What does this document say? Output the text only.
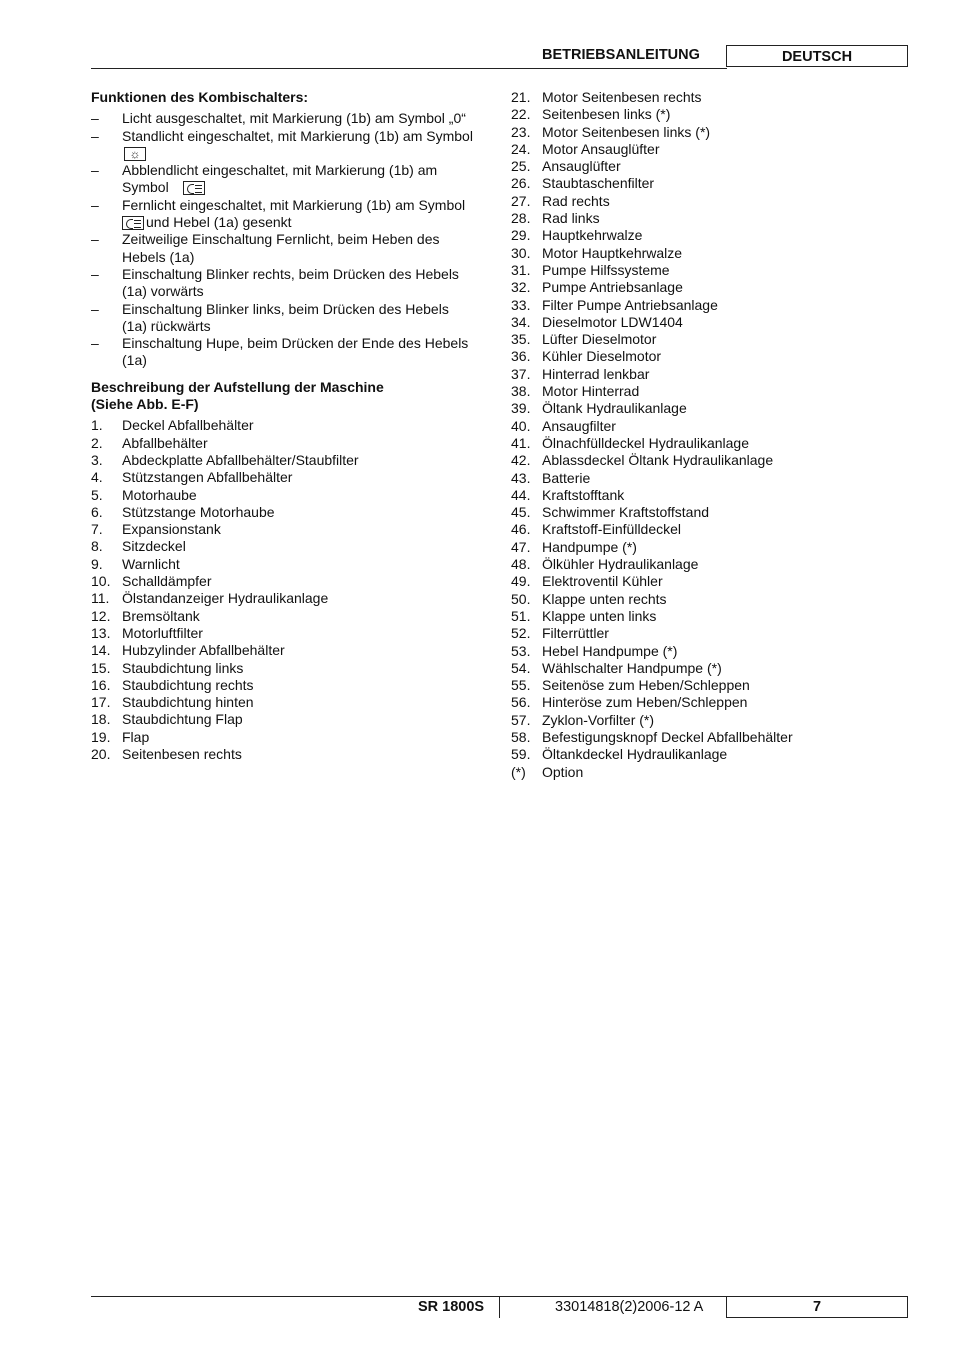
BETRIEBSANLEITUNG	DEUTSCH
Funktionen des Kombischalters:
–	Licht ausgeschaltet, mit Markierung (1b) am Symbol „0“
–	Standlicht eingeschaltet, mit Markierung (1b) am Symbol
☼
–	Abblendlicht eingeschaltet, mit Markierung (1b) am
Symbol
–	Fernlicht eingeschaltet, mit Markierung (1b) am Symbol
und Hebel (1a) gesenkt
–	Zeitweilige Einschaltung Fernlicht, beim Heben des
Hebels (1a)
–	Einschaltung Blinker rechts, beim Drücken des Hebels
(1a) vorwärts
–	Einschaltung Blinker links, beim Drücken des Hebels
(1a) rückwärts
–	Einschaltung Hupe, beim Drücken der Ende des Hebels
(1a)
Beschreibung der Aufstellung der Maschine
(Siehe Abb. E-F)
1.	Deckel Abfallbehälter
2.	Abfallbehälter
3.	Abdeckplatte Abfallbehälter/Staubfilter
4.	Stützstangen Abfallbehälter
5.	Motorhaube
6.	Stützstange Motorhaube
7.	Expansionstank
8.	Sitzdeckel
9.	Warnlicht
10. Schalldämpfer
11. Ölstandanzeiger Hydraulikanlage
12. Bremsöltank
13. Motorluftfilter
14. Hubzylinder Abfallbehälter
15. Staubdichtung links
16. Staubdichtung rechts
17. Staubdichtung hinten
18. Staubdichtung Flap
19. Flap
20. Seitenbesen rechts
21. Motor Seitenbesen rechts
22. Seitenbesen links (*)
23. Motor Seitenbesen links (*)
24. Motor Ansauglüfter
25. Ansauglüfter
26. Staubtaschenfilter
27. Rad rechts
28. Rad links
29. Hauptkehrwalze
30. Motor Hauptkehrwalze
31. Pumpe Hilfssysteme
32. Pumpe Antriebsanlage
33. Filter Pumpe Antriebsanlage
34. Dieselmotor LDW1404
35. Lüfter Dieselmotor
36. Kühler Dieselmotor
37. Hinterrad lenkbar
38. Motor Hinterrad
39. Öltank Hydraulikanlage
40. Ansaugfilter
41. Ölnachfülldeckel Hydraulikanlage
42. Ablassdeckel Öltank Hydraulikanlage
43. Batterie
44. Kraftstofftank
45. Schwimmer Kraftstoffstand
46. Kraftstoff-Einfülldeckel
47. Handpumpe (*)
48. Ölkühler Hydraulikanlage
49. Elektroventil Kühler
50. Klappe unten rechts
51. Klappe unten links
52. Filterrüttler
53. Hebel Handpumpe (*)
54. Wählschalter Handpumpe (*)
55. Seitenöse zum Heben/Schleppen
56. Hinteröse zum Heben/Schleppen
57. Zyklon-Vorfilter (*)
58. Befestigungsknopf Deckel Abfallbehälter
59. Öltankdeckel Hydraulikanlage
(*)	Option
SR 1800S	33014818(2)2006-12 A	7
